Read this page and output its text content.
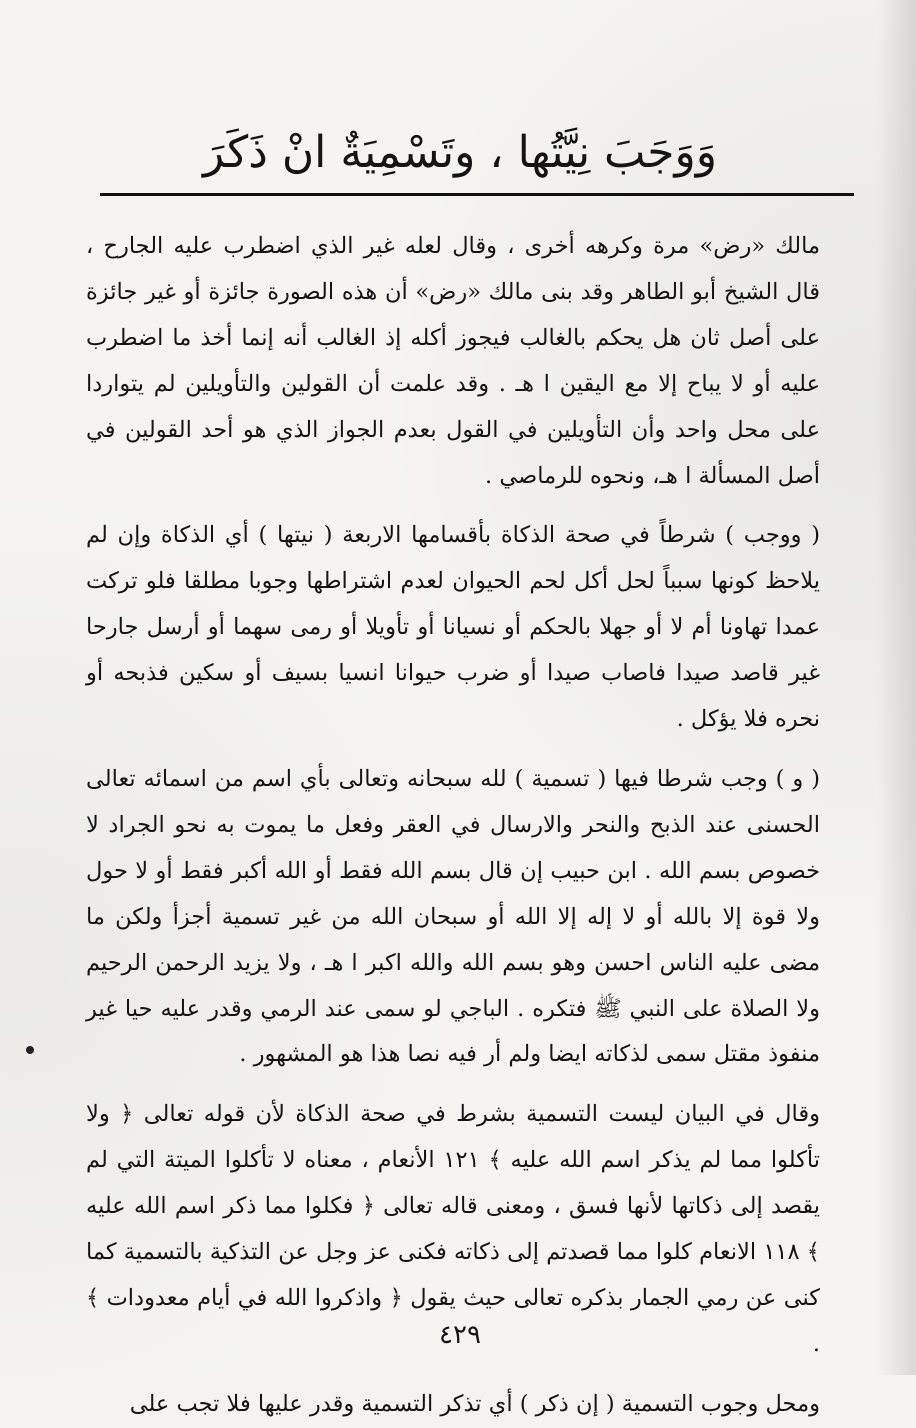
وَوَجَبَ نِيَّتُها ، وتَسْمِيَةٌ انْ ذَكَرَ

مالك «رض» مرة وكرهه أخرى ، وقال لعله غير الذي اضطرب عليه الجارح ، قال الشيخ أبو الطاهر وقد بنى مالك «رض» أن هذه الصورة جائزة أو غير جائزة على أصل ثان هل يحكم بالغالب فيجوز أكله إذ الغالب أنه إنما أخذ ما اضطرب عليه أو لا يباح إلا مع اليقين ا هـ . وقد علمت أن القولين والتأويلين لم يتواردا على محل واحد وأن التأويلين في القول بعدم الجواز الذي هو أحد القولين في أصل المسألة ا هـ، ونحوه للرماصي .

( ووجب ) شرطاً في صحة الذكاة بأقسامها الاربعة ( نيتها ) أي الذكاة وإن لم يلاحظ كونها سبباً لحل أكل لحم الحيوان لعدم اشتراطها وجوبا مطلقا فلو تركت عمدا تهاونا أم لا أو جهلا بالحكم أو نسيانا أو تأويلا أو رمى سهما أو أرسل جارحا غير قاصد صيدا فاصاب صيدا أو ضرب حيوانا انسيا بسيف أو سكين فذبحه أو نحره فلا يؤكل .

( و ) وجب شرطا فيها ( تسمية ) لله سبحانه وتعالى بأي اسم من اسمائه تعالى الحسنى عند الذبح والنحر والارسال في العقر وفعل ما يموت به نحو الجراد لا خصوص بسم الله . ابن حبيب إن قال بسم الله فقط أو الله أكبر فقط أو لا حول ولا قوة إلا بالله أو لا إله إلا الله أو سبحان الله من غير تسمية أجزأ ولكن ما مضى عليه الناس احسن وهو بسم الله والله اكبر ا هـ ، ولا يزيد الرحمن الرحيم ولا الصلاة على النبي ﷺ فتكره . الباجي لو سمى عند الرمي وقدر عليه حيا غير منفوذ مقتل سمى لذكاته ايضا ولم أر فيه نصا هذا هو المشهور .

وقال في البيان ليست التسمية بشرط في صحة الذكاة لأن قوله تعالى ﴿ ولا تأكلوا مما لم يذكر اسم الله عليه ﴾ ١٢١ الأنعام ، معناه لا تأكلوا الميتة التي لم يقصد إلى ذكاتها لأنها فسق ، ومعنى قاله تعالى ﴿ فكلوا مما ذكر اسم الله عليه ﴾ ١١٨ الانعام كلوا مما قصدتم إلى ذكاته فكنى عز وجل عن التذكية بالتسمية كما كنى عن رمي الجمار بذكره تعالى حيث يقول ﴿ واذكروا الله في أيام معدودات ﴾ .

ومحل وجوب التسمية ( إن ذكر ) أي تذكر التسمية وقدر عليها فلا تجب على

٤٢٩
